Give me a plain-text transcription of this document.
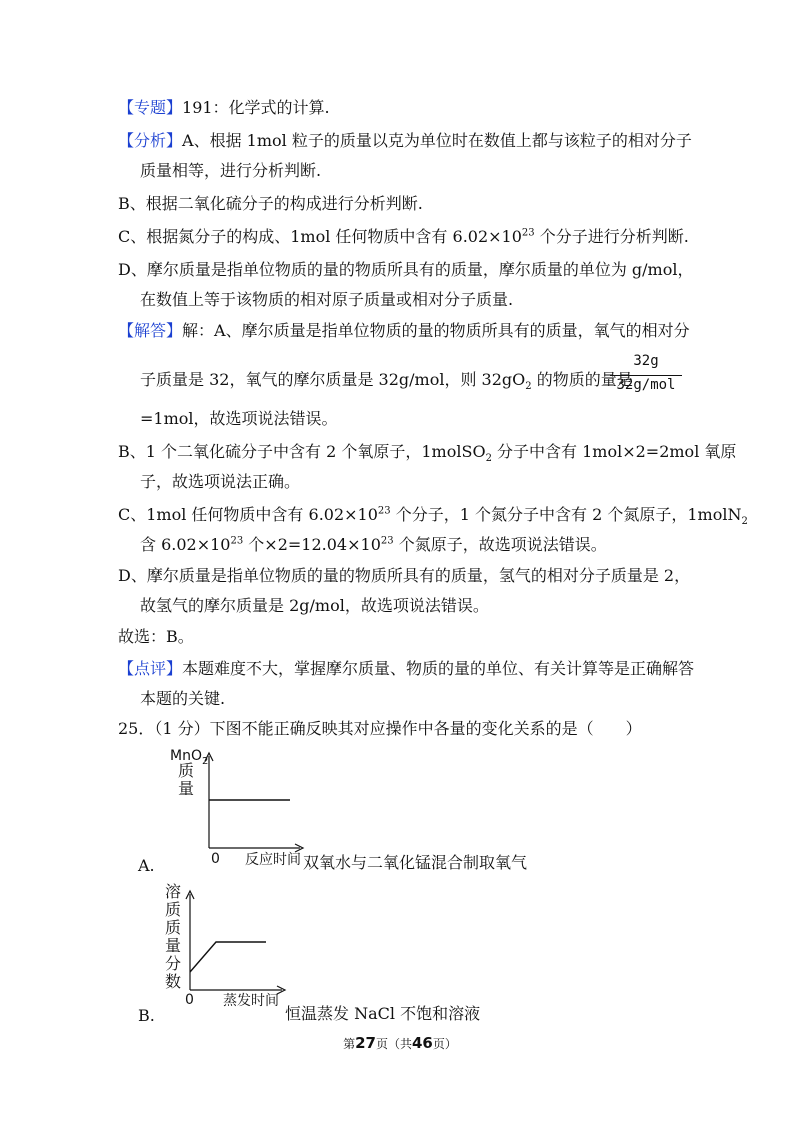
【专题】191：化学式的计算.
【分析】A、根据 1mol 粒子的质量以克为单位时在数值上都与该粒子的相对分子
质量相等，进行分析判断.
B、根据二氧化硫分子的构成进行分析判断.
C、根据氮分子的构成、1mol 任何物质中含有 $6.02\times 10^{23}$ 个分子进行分析判断.
D、摩尔质量是指单位物质的量的物质所具有的质量，摩尔质量的单位为 g/mol，
在数值上等于该物质的相对原子质量或相对分子质量.
【解答】解：A、摩尔质量是指单位物质的量的物质所具有的质量，氧气的相对分
子质量是 32，氧气的摩尔质量是 32g/mol，则 $32gO_2$ 的物质的量是
32g
32g/mol
=1mol，故选项说法错误。
B、1 个二氧化硫分子中含有 2 个氧原子，1molSO$_2$ 分子中含有 1mol×2=2mol 氧原
子，故选项说法正确。
C、1mol 任何物质中含有 $6.02\times 10^{23}$ 个分子，1 个氮分子中含有 2 个氮原子，1molN$_2$
含 $6.02\times 10^{23}$ 个$\times 2=12.04\times 10^{23}$ 个氮原子，故选项说法错误。
D、摩尔质量是指单位物质的量的物质所具有的质量，氢气的相对分子质量是 2，
故氢气的摩尔质量是 2g/mol，故选项说法错误。
故选：B。
【点评】本题难度不大，掌握摩尔质量、物质的量的单位、有关计算等是正确解答
本题的关键.
25．（1 分）下图不能正确反映其对应操作中各量的变化关系的是（　　）
MnO$_2$
质
量
0
A.	反应时间 双氧水与二氧化锰混合制取氧气
溶
质
质
量
分
数
0
B.
蒸发时间
恒温蒸发 NaCl 不饱和溶液
第27页（共46页）
